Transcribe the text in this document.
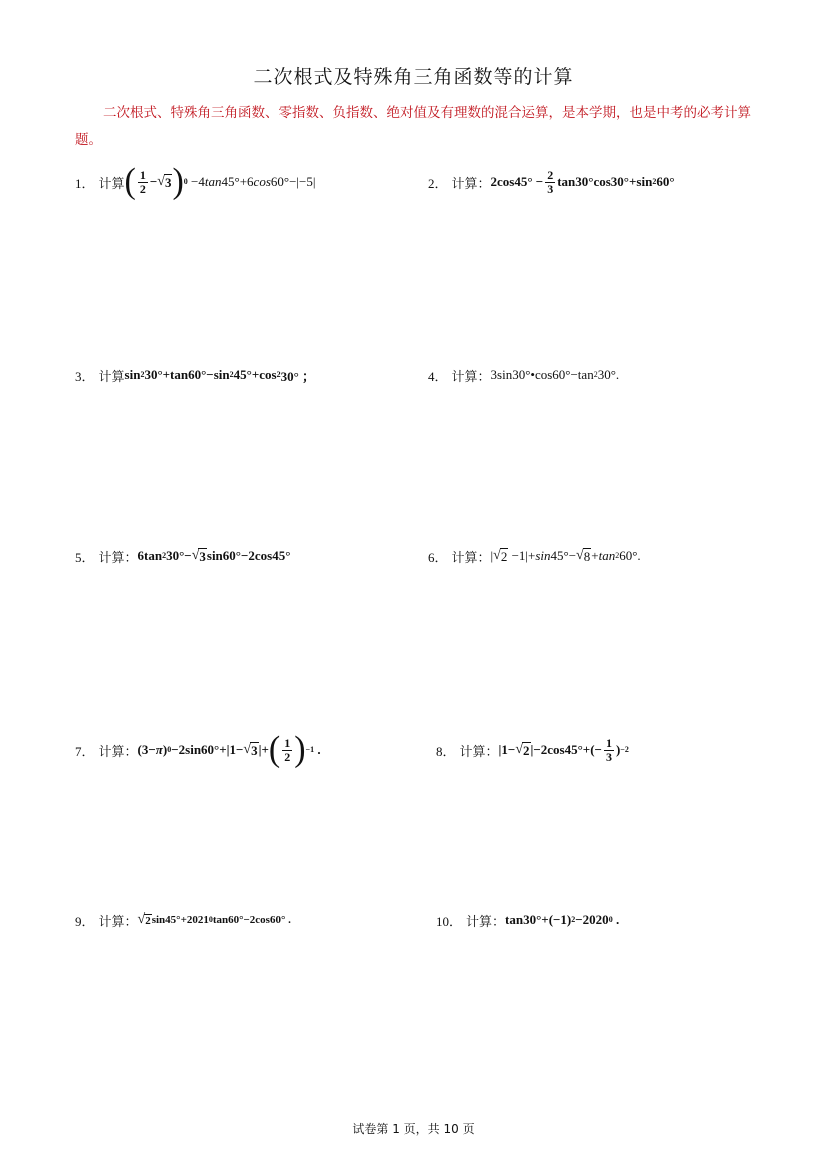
二次根式及特殊角三角函数等的计算
二次根式、特殊角三角函数、零指数、负指数、绝对值及有理数的混合运算，是本学期，也是中考的必考计算题。
1． 计算 ( $\frac{1}{2}$ − √ 3 ) 0 −4 tan 45°+6 cos 60°−|−5|	2． 计算： $2\cos 45^\circ - \frac{2}{3} \tan 30^\circ\cos 30^\circ+\sin$ 2 60°
3． 计算 sin 2 30°+tan60°−sin 2 45°+cos 2 30° ；	4． 计算： 3sin30°•cos60°−tan 2 30°.
5． 计算： 6tan 2 30°− √ 3 sin60°−2cos45°	6． 计算： | √ 2 −1|+ sin 45°− √ 8 + tan 2 60°.
7． 计算： (3− π ) 0 −2sin60°+|1− √ 3 |+ ( $\frac{1}{2}$ ) −1 .	8． 计算： |1− √ 2 $|-2\cos 45^\circ+(- \frac{1}{3}$ ) −2
9． 计算： √ 2 sin45°+2021 0 tan60°−2cos60° .	10． 计算： tan30°+(−1) 2 −2020 0 .
试卷第 1 页，共 10 页
